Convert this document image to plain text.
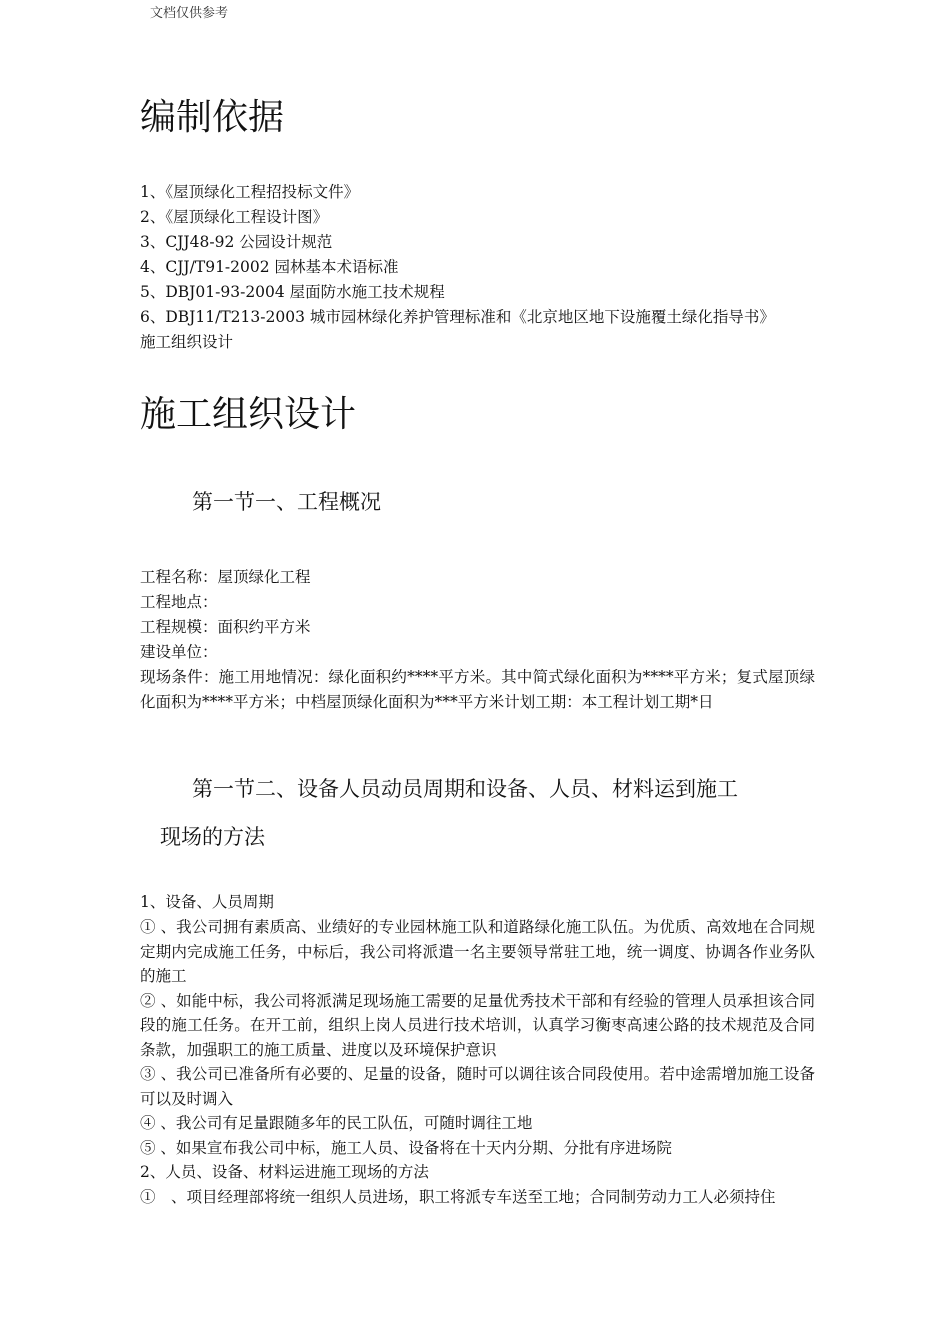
文档仅供参考
编制依据

1、《屋顶绿化工程招投标文件》

2、《屋顶绿化工程设计图》

3、CJJ48-92 公园设计规范

4、CJJ/T91-2002 园林基本术语标准

5、DBJ01-93-2004 屋面防水施工技术规程

6、DBJ11/T213-2003 城市园林绿化养护管理标准和《北京地区地下设施覆土绿化指导书》

施工组织设计

施工组织设计
第一节一、工程概况

工程名称：屋顶绿化工程

工程地点：

工程规模：面积约平方米

建设单位：

现场条件：施工用地情况：绿化面积约****平方米。其中简式绿化面积为****平方米；复式屋顶绿化面积为****平方米；中档屋顶绿化面积为***平方米计划工期：本工程计划工期*日

第一节二、设备人员动员周期和设备、人员、材料运到施工
现场的方法

1、设备、人员周期

① 、我公司拥有素质高、业绩好的专业园林施工队和道路绿化施工队伍。为优质、高效地在合同规定期内完成施工任务，中标后，我公司将派遣一名主要领导常驻工地，统一调度、协调各作业务队的施工

② 、如能中标，我公司将派满足现场施工需要的足量优秀技术干部和有经验的管理人员承担该合同段的施工任务。在开工前，组织上岗人员进行技术培训，认真学习衡枣高速公路的技术规范及合同条款，加强职工的施工质量、进度以及环境保护意识

③ 、我公司已准备所有必要的、足量的设备，随时可以调往该合同段使用。若中途需增加施工设备可以及时调入

④ 、我公司有足量跟随多年的民工队伍，可随时调往工地

⑤ 、如果宣布我公司中标，施工人员、设备将在十天内分期、分批有序进场院

2、人员、设备、材料运进施工现场的方法

①　、项目经理部将统一组织人员进场，职工将派专车送至工地；合同制劳动力工人必须持住
